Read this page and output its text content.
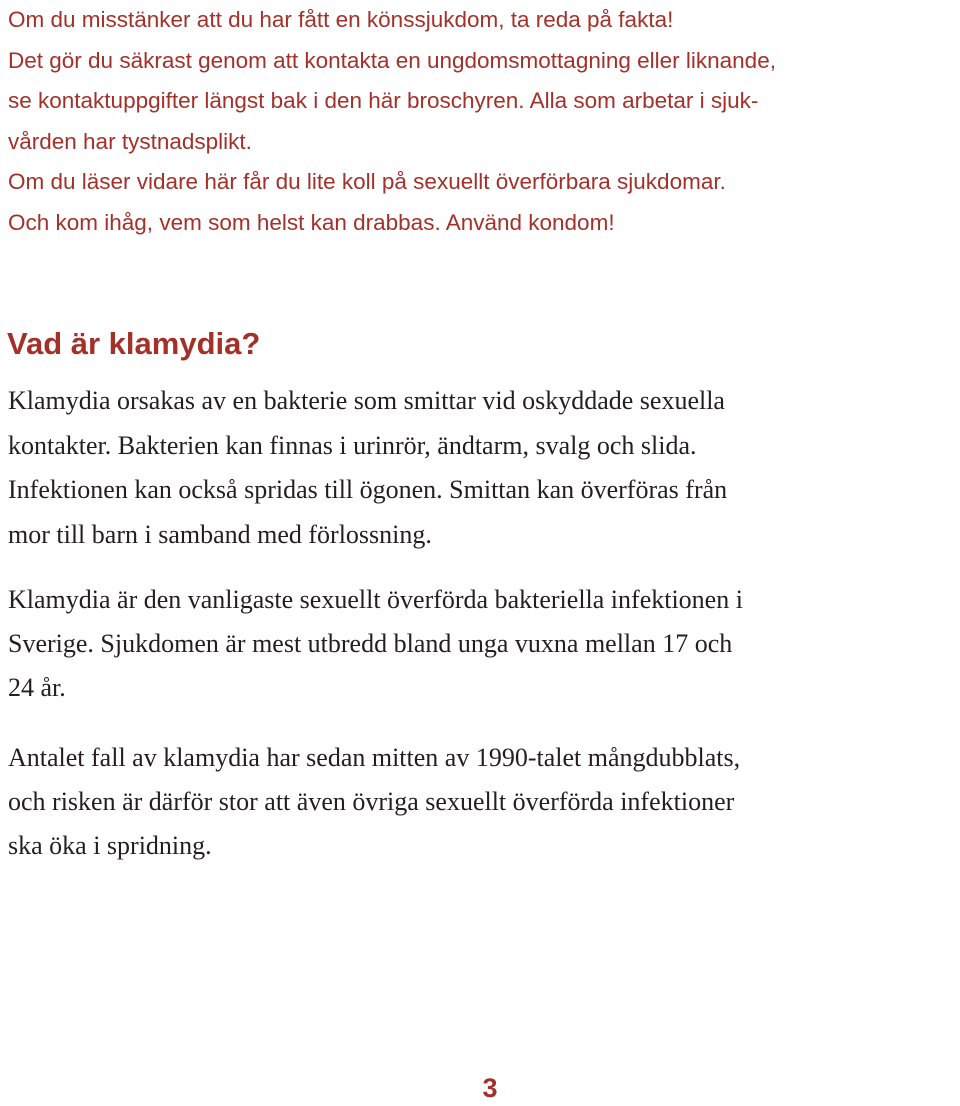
Om du misstänker att du har fått en könssjukdom, ta reda på fakta!
Det gör du säkrast genom att kontakta en ungdomsmottagning eller liknande,
se kontaktuppgifter längst bak i den här broschyren. Alla som arbetar i sjuk-
vården har tystnadsplikt.
Om du läser vidare här får du lite koll på sexuellt överförbara sjukdomar.
Och kom ihåg, vem som helst kan drabbas. Använd kondom!
Vad är klamydia?
Klamydia orsakas av en bakterie som smittar vid oskyddade sexuella
kontakter. Bakterien kan finnas i urinrör, ändtarm, svalg och slida.
Infektionen kan också spridas till ögonen. Smittan kan överföras från
mor till barn i samband med förlossning.
Klamydia är den vanligaste sexuellt överförda bakteriella infektionen i
Sverige. Sjukdomen är mest utbredd bland unga vuxna mellan 17 och
24 år.
Antalet fall av klamydia har sedan mitten av 1990-talet mångdubblats,
och risken är därför stor att även övriga sexuellt överförda infektioner
ska öka i spridning.
3
